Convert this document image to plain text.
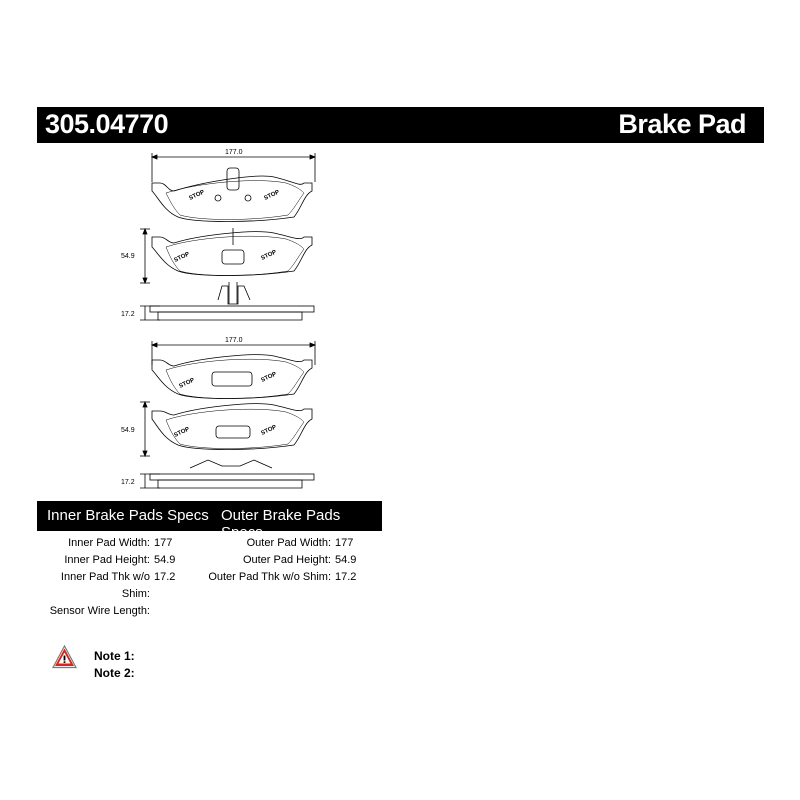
305.04770	Brake Pad
STOP	STOP
STOP	STOP
STOP	STOP
STOP	STOP
177.0
54.9
17.2
177.0
54.9
17.2
Inner Brake Pads Specs Outer Brake Pads Specs
Inner Pad Width: 177
Inner Pad Height: 54.9
Inner Pad Thk w/o Shim:
17.2
Sensor Wire Length:
Outer Pad Width: 177
Outer Pad Height: 54.9
Outer Pad Thk w/o Shim: 17.2
Note 1:
Note 2:
